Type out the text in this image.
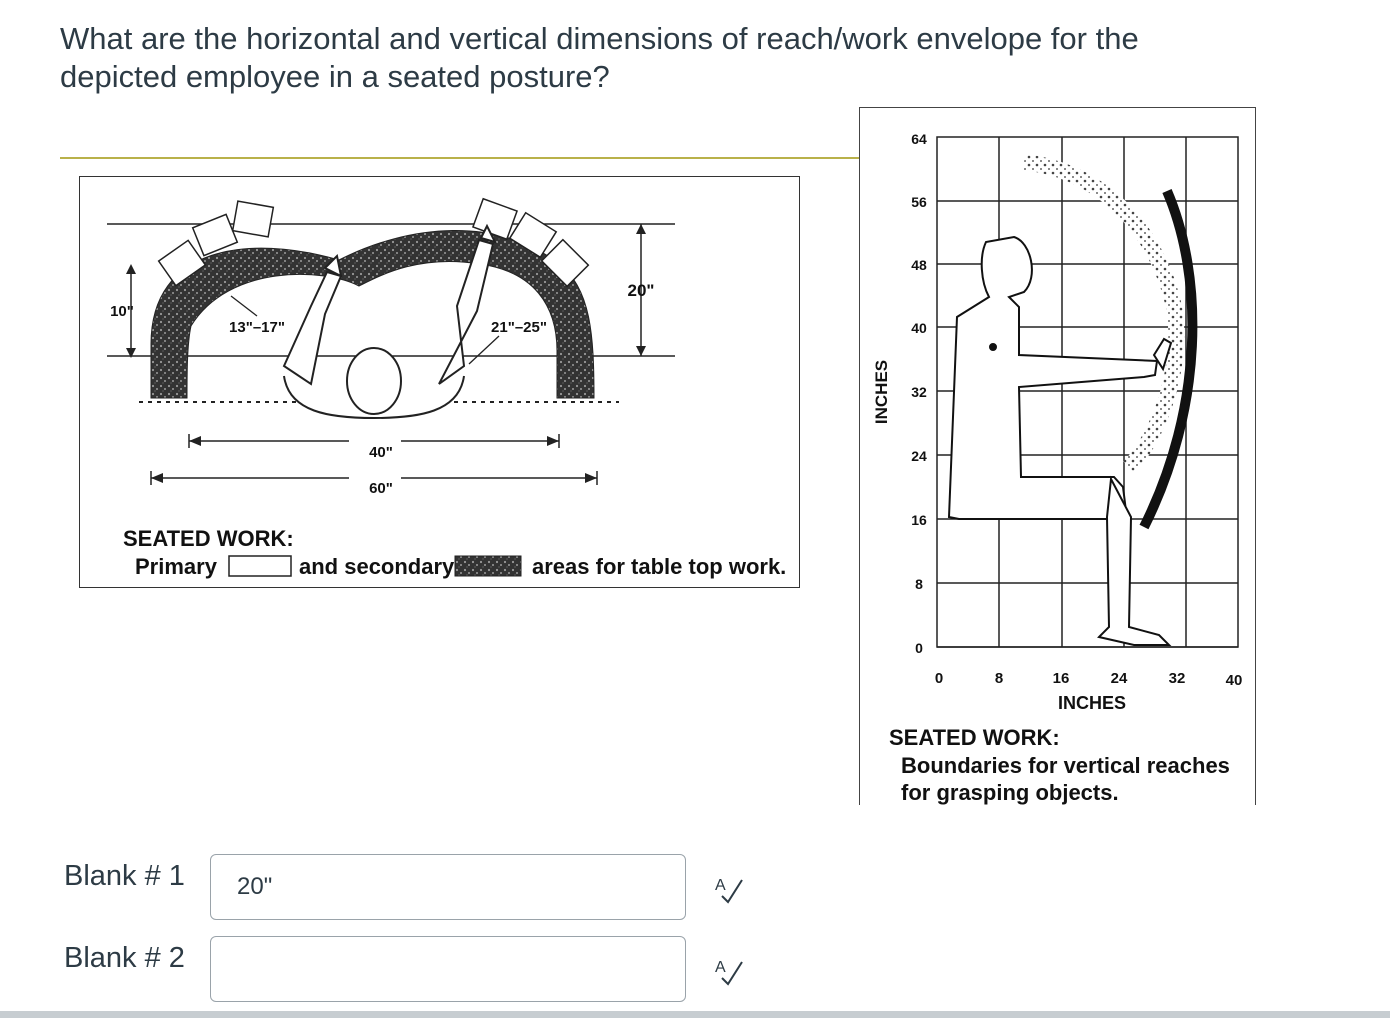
What are the horizontal and vertical dimensions of reach/work envelope for the depicted employee in a seated posture?

10"
20"
13"–17"	21"–25"
40"
60"
SEATED WORK:
Primary	and secondary	areas for table top work.
64
56
48
40
32
24
16
8
0
INCHES
0	8	16	24	32	40
INCHES
SEATED WORK:
Boundaries for vertical reaches
for grasping objects.
Blank # 1
20"	A
Blank # 2	A
